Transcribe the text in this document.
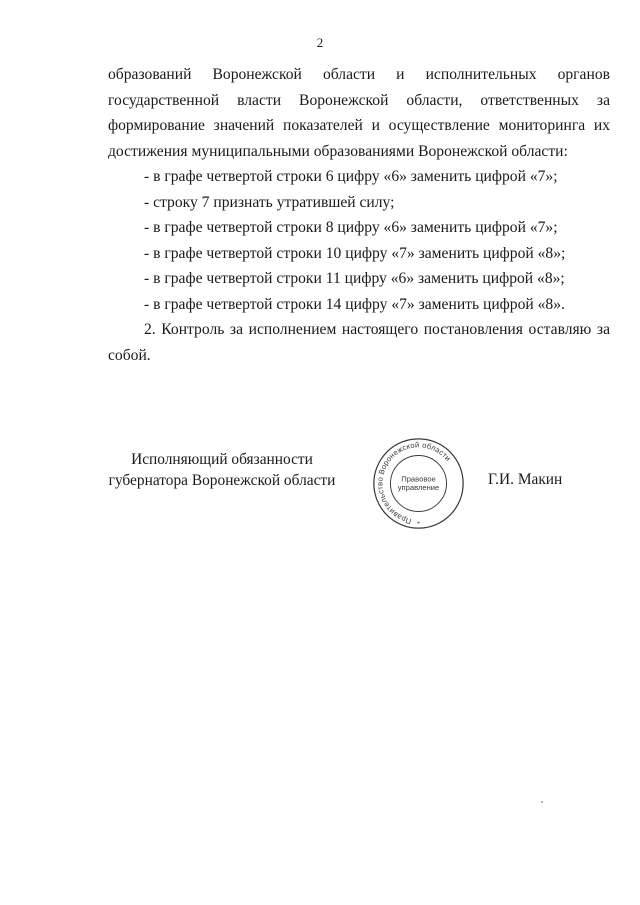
2

образований Воронежской области и исполнительных органов

государственной власти Воронежской области, ответственных за

формирование значений показателей и осуществление мониторинга их

достижения муниципальными образованиями Воронежской области:

- в графе четвертой строки 6 цифру «6» заменить цифрой «7»;
- строку 7 признать утратившей силу;
- в графе четвертой строки 8 цифру «6» заменить цифрой «7»;
- в графе четвертой строки 10 цифру «7» заменить цифрой «8»;
- в графе четвертой строки 11 цифру «6» заменить цифрой «8»;
- в графе четвертой строки 14 цифру «7» заменить цифрой «8».

2. Контроль за исполнением настоящего постановления оставляю за

собой.

Исполняющий обязанности
губернатора Воронежской области
Правительство Воронежской области
Правовое
управление
*
Г.И. Макин
